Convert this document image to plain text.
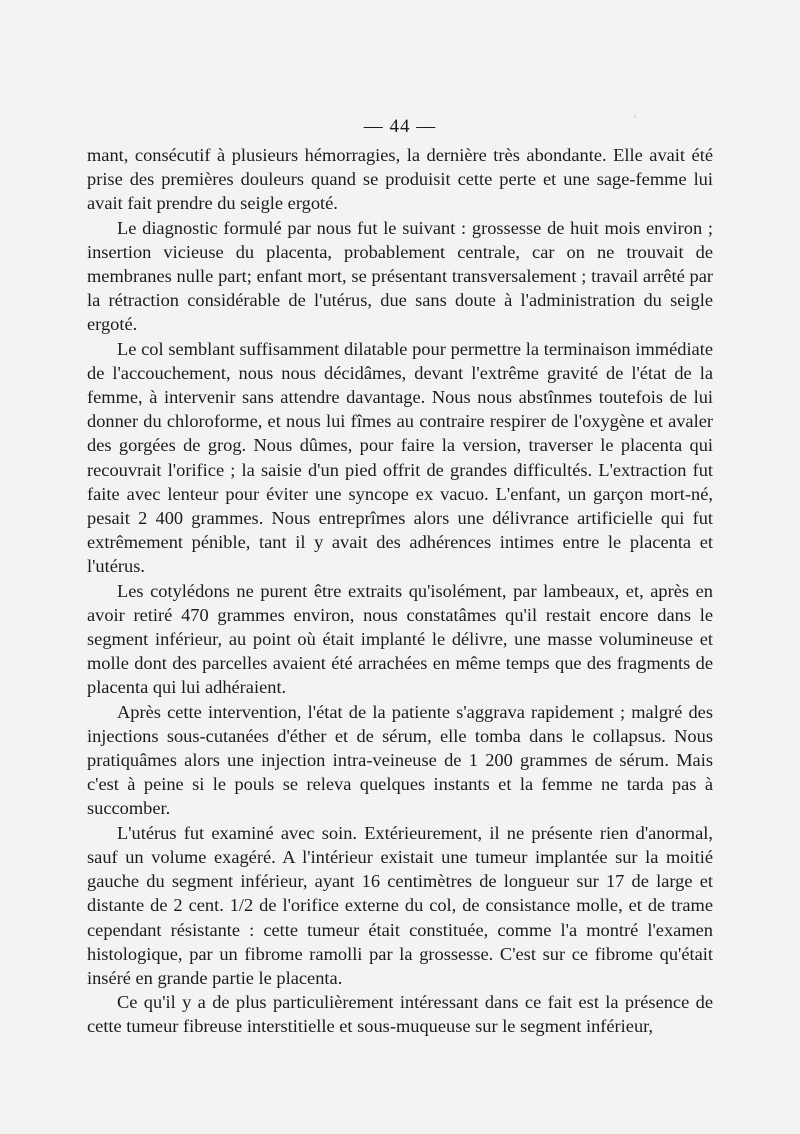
— 44 —	'

mant, consécutif à plusieurs hémorragies, la dernière très abondante. Elle avait été prise des premières douleurs quand se produisit cette perte et une sage-femme lui avait fait prendre du seigle ergoté.

Le diagnostic formulé par nous fut le suivant : grossesse de huit mois environ ; insertion vicieuse du placenta, probablement centrale, car on ne trouvait de membranes nulle part; enfant mort, se présentant transversalement ; travail arrêté par la rétraction considérable de l'utérus, due sans doute à l'administration du seigle ergoté.

Le col semblant suffisamment dilatable pour permettre la terminaison immédiate de l'accouchement, nous nous décidâmes, devant l'extrême gravité de l'état de la femme, à intervenir sans attendre davantage. Nous nous abstînmes toutefois de lui donner du chloroforme, et nous lui fîmes au contraire respirer de l'oxygène et avaler des gorgées de grog. Nous dûmes, pour faire la version, traverser le placenta qui recouvrait l'orifice ; la saisie d'un pied offrit de grandes difficultés. L'extraction fut faite avec lenteur pour éviter une syncope ex vacuo. L'enfant, un garçon mort-né, pesait 2 400 grammes. Nous entreprîmes alors une délivrance artificielle qui fut extrêmement pénible, tant il y avait des adhérences intimes entre le placenta et l'utérus.

Les cotylédons ne purent être extraits qu'isolément, par lambeaux, et, après en avoir retiré 470 grammes environ, nous constatâmes qu'il restait encore dans le segment inférieur, au point où était implanté le délivre, une masse volumineuse et molle dont des parcelles avaient été arrachées en même temps que des fragments de placenta qui lui adhéraient.

Après cette intervention, l'état de la patiente s'aggrava rapidement ; malgré des injections sous-cutanées d'éther et de sérum, elle tomba dans le collapsus. Nous pratiquâmes alors une injection intra-veineuse de 1 200 grammes de sérum. Mais c'est à peine si le pouls se releva quelques instants et la femme ne tarda pas à succomber.

L'utérus fut examiné avec soin. Extérieurement, il ne présente rien d'anormal, sauf un volume exagéré. A l'intérieur existait une tumeur implantée sur la moitié gauche du segment inférieur, ayant 16 centimètres de longueur sur 17 de large et distante de 2 cent. 1/2 de l'orifice externe du col, de consistance molle, et de trame cependant résistante : cette tumeur était constituée, comme l'a montré l'examen histologique, par un fibrome ramolli par la grossesse. C'est sur ce fibrome qu'était inséré en grande partie le placenta.

Ce qu'il y a de plus particulièrement intéressant dans ce fait est la présence de cette tumeur fibreuse interstitielle et sous-muqueuse sur le segment inférieur,
